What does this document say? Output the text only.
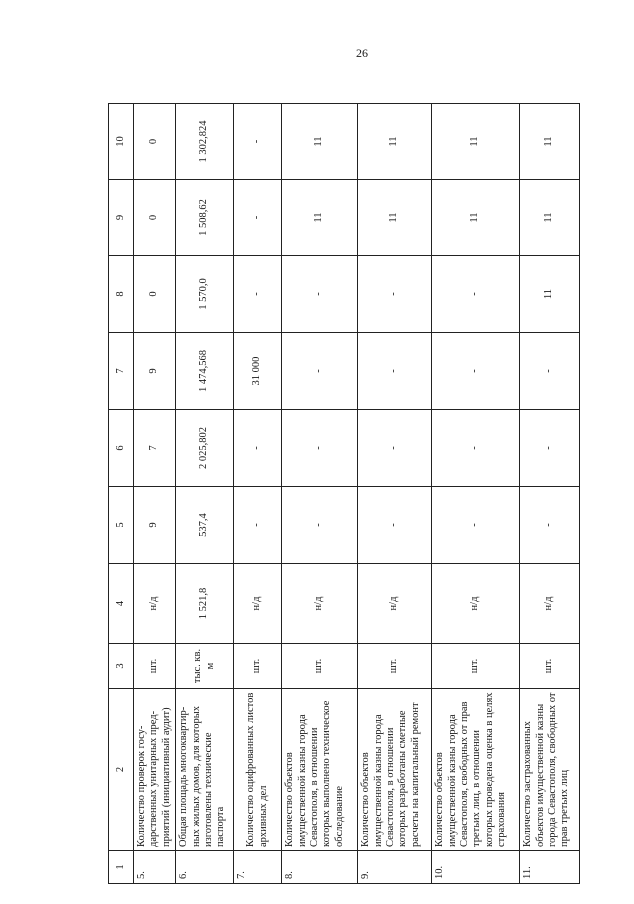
26
1	2	3	4	5	6	7	8	9	10
5.	Количество проверок госу-дарственных унитарных пред-приятий (инициативный аудит)	шт.	н/д	9	7	9	0	0	0
6.	Общая площадь многоквартир-ных жилых домов, для которых изготовлены технические паспорта	тыс. кв. м	1 521,8	537,4	2 025,802	1 474,568	1 570,0	1 508,62	1 302,824
7.	Количество оцифрованных листов архивных дел	шт.	н/д	-	-	31 000	-	-	-
8.	Количество объектов имущественной казны города Севастополя, в отношении которых выполнено техническое обследование	шт.	н/д	-	-	-	-	11	11
9.	Количество объектов имущественной казны города Севастополя, в отношении которых разработаны сметные расчеты на капитальный ремонт	шт.	н/д	-	-	-	-	11	11
10.	Количество объектов имущественной казны города Севастополя, свободных от прав третьих лиц, в отношении которых проведена оценка в целях страхования	шт.	н/д	-	-	-	-	11	11
11.	Количество застрахованных объектов имущественной казны города Севастополя, свободных от прав третьих лиц	шт.	н/д	-	-	-	11	11	11
